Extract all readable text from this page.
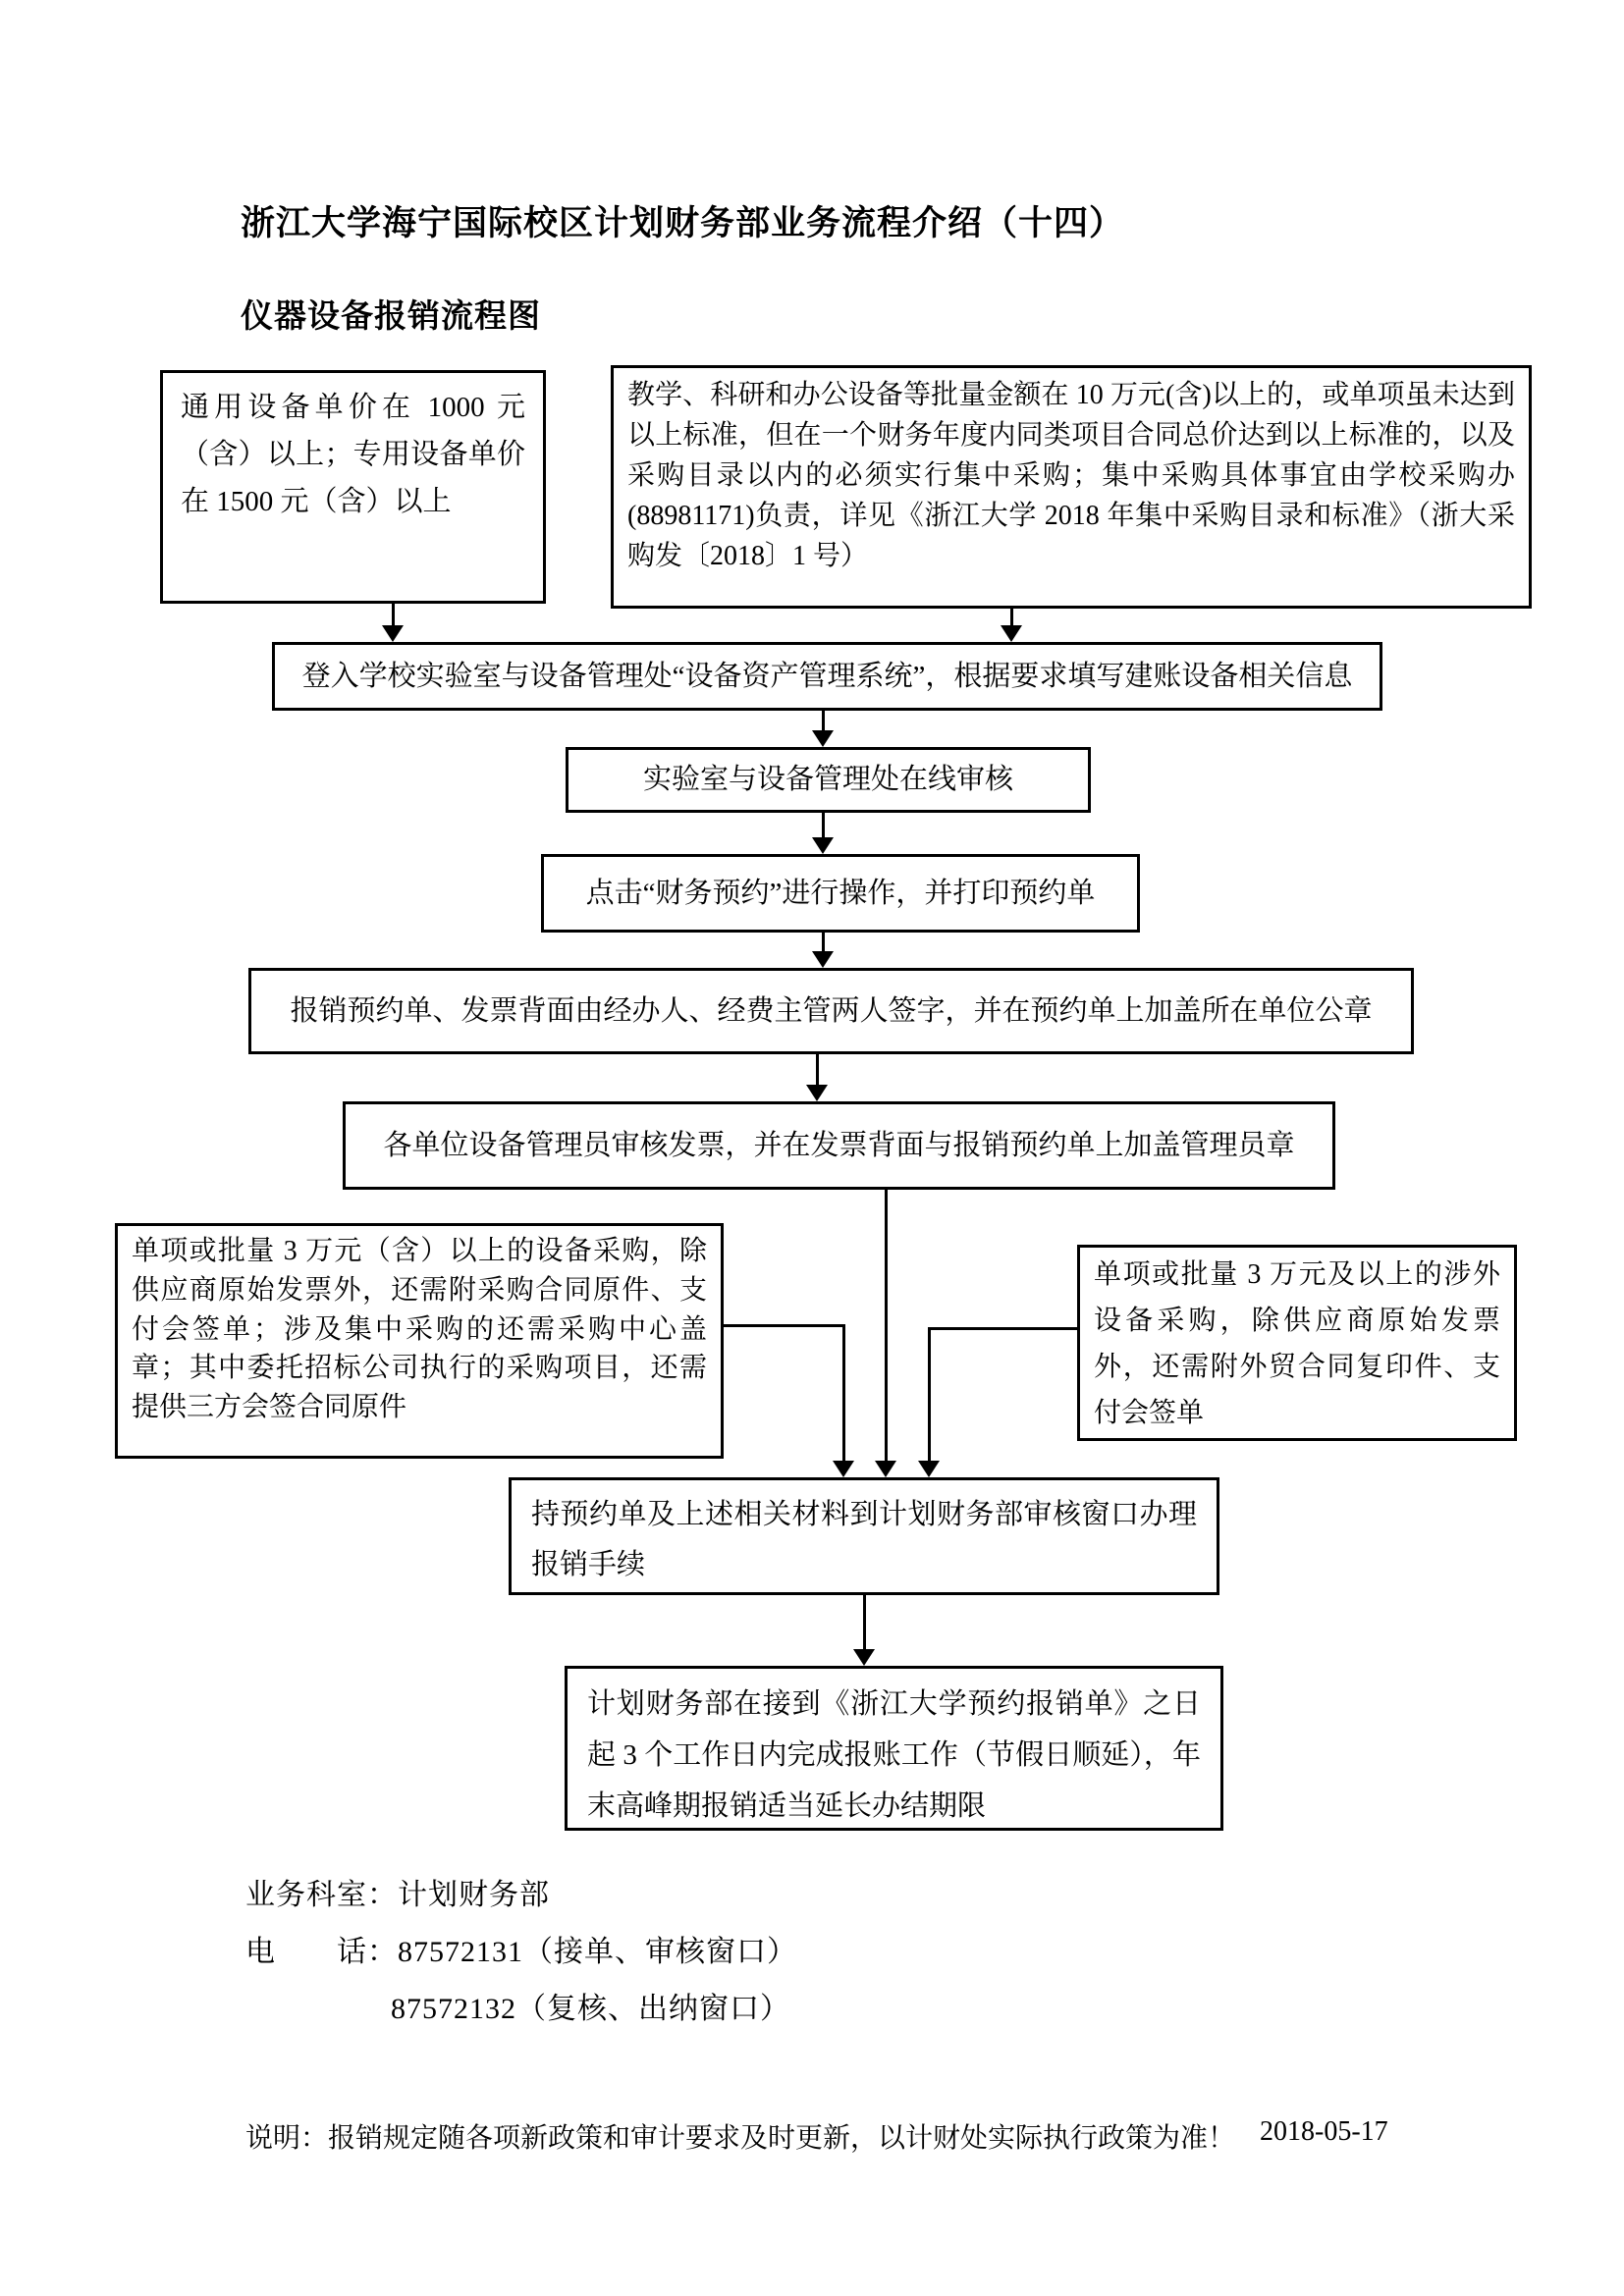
浙江大学海宁国际校区计划财务部业务流程介绍（十四）
仪器设备报销流程图
通用设备单价在 1000 元（含）以上；专用设备单价在 1500 元（含）以上
教学、科研和办公设备等批量金额在 10 万元(含)以上的，或单项虽未达到以上标准，但在一个财务年度内同类项目合同总价达到以上标准的，以及采购目录以内的必须实行集中采购；集中采购具体事宜由学校采购办(88981171)负责，详见《浙江大学 2018 年集中采购目录和标准》（浙大采购发〔2018〕1 号）
登入学校实验室与设备管理处“设备资产管理系统”，根据要求填写建账设备相关信息
实验室与设备管理处在线审核
点击“财务预约”进行操作，并打印预约单
报销预约单、发票背面由经办人、经费主管两人签字，并在预约单上加盖所在单位公章
各单位设备管理员审核发票，并在发票背面与报销预约单上加盖管理员章
单项或批量 3 万元（含）以上的设备采购，除供应商原始发票外，还需附采购合同原件、支付会签单；涉及集中采购的还需采购中心盖章；其中委托招标公司执行的采购项目，还需提供三方会签合同原件
单项或批量 3 万元及以上的涉外设备采购，除供应商原始发票外，还需附外贸合同复印件、支付会签单
持预约单及上述相关材料到计划财务部审核窗口办理报销手续
计划财务部在接到《浙江大学预约报销单》之日起 3 个工作日内完成报账工作（节假日顺延），年末高峰期报销适当延长办结期限
业务科室：计划财务部
电　　话：87572131（接单、审核窗口）
87572132（复核、出纳窗口）
说明：报销规定随各项新政策和审计要求及时更新，以计财处实际执行政策为准！ 2018-05-17
